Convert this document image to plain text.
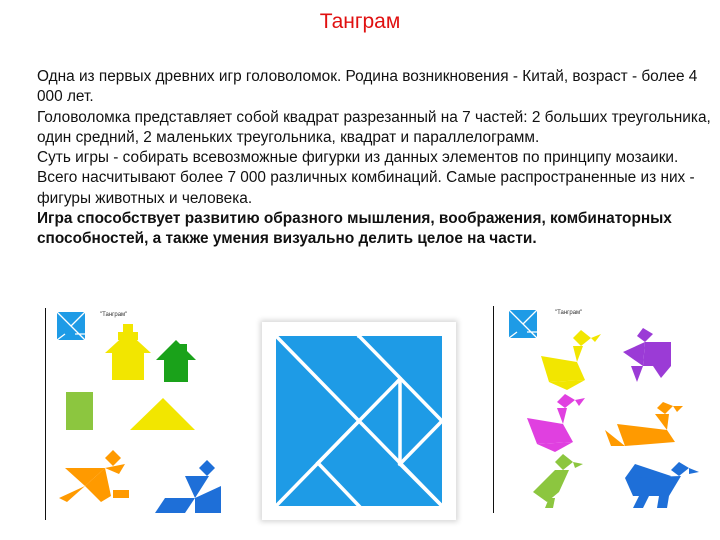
Танграм

Одна из первых древних игр головоломок. Родина возникновения - Китай, возраст - более 4 000 лет.

Головоломка представляет собой квадрат разрезанный на 7 частей: 2 больших треугольника, один средний, 2 маленьких треугольника, квадрат и параллелограмм.

Суть игры - собирать всевозможные фигурки из данных элементов по принципу мозаики. Всего насчитывают более 7 000 различных комбинаций. Самые распространенные из них - фигуры животных и человека.

Игра способствует развитию образного мышления, воображения, комбинаторных способностей, а также умения визуально делить целое на части.

"Танграм"	"Танграм"
